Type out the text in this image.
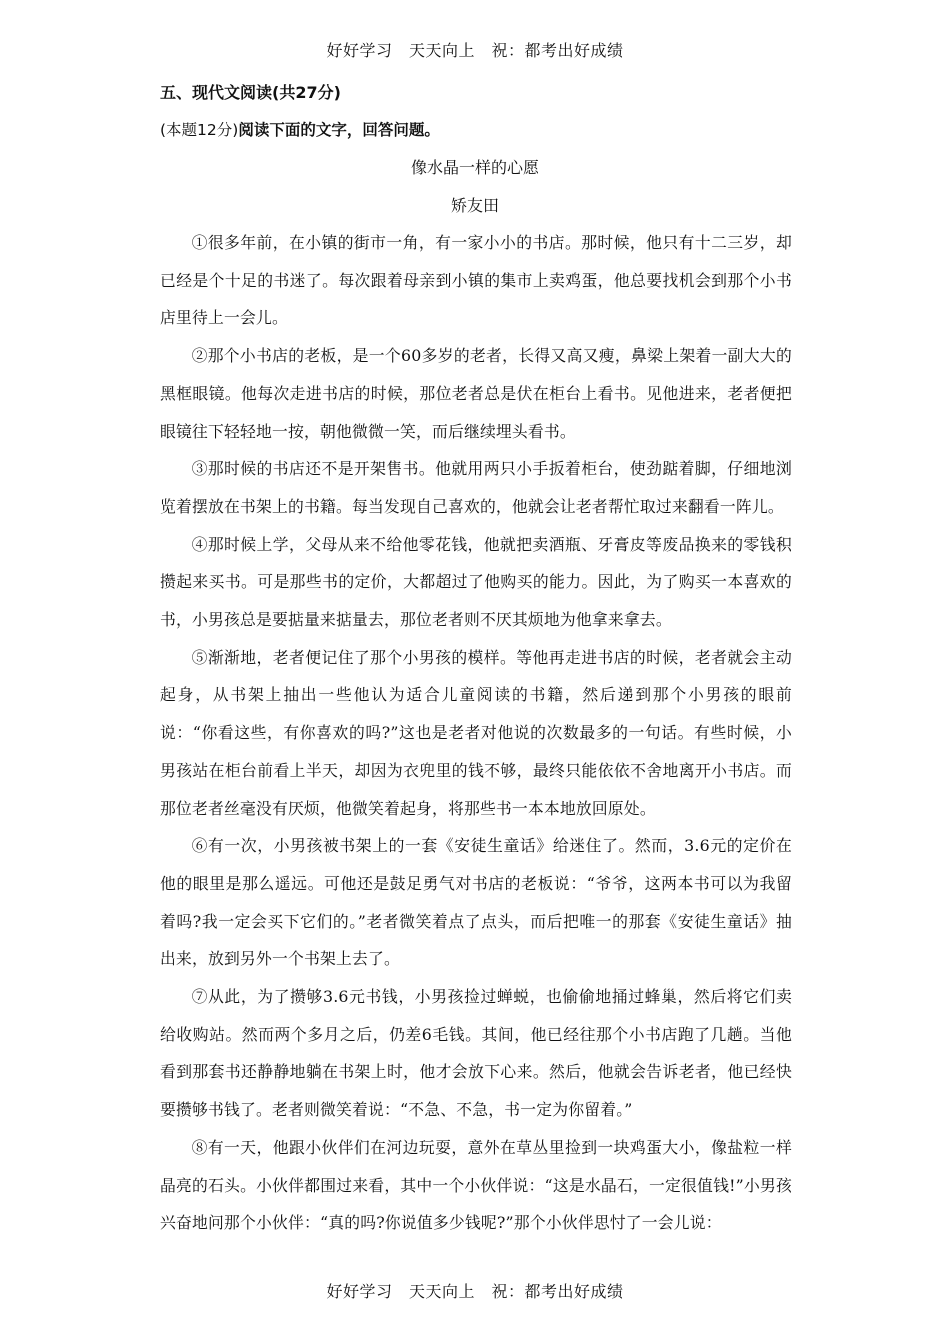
好好学习　天天向上　祝：都考出好成绩
五、现代文阅读(共27分)
(本题12分)阅读下面的文字，回答问题。
像水晶一样的心愿
矫友田

①很多年前，在小镇的街市一角，有一家小小的书店。那时候，他只有十二三岁，却已经是个十足的书迷了。每次跟着母亲到小镇的集市上卖鸡蛋，他总要找机会到那个小书店里待上一会儿。

②那个小书店的老板，是一个60多岁的老者，长得又高又瘦，鼻梁上架着一副大大的黑框眼镜。他每次走进书店的时候，那位老者总是伏在柜台上看书。见他进来，老者便把眼镜往下轻轻地一按，朝他微微一笑，而后继续埋头看书。

③那时候的书店还不是开架售书。他就用两只小手扳着柜台，使劲踮着脚，仔细地浏览着摆放在书架上的书籍。每当发现自己喜欢的，他就会让老者帮忙取过来翻看一阵儿。

④那时候上学，父母从来不给他零花钱，他就把卖酒瓶、牙膏皮等废品换来的零钱积攒起来买书。可是那些书的定价，大都超过了他购买的能力。因此，为了购买一本喜欢的书，小男孩总是要掂量来掂量去，那位老者则不厌其烦地为他拿来拿去。

⑤渐渐地，老者便记住了那个小男孩的模样。等他再走进书店的时候，老者就会主动起身，从书架上抽出一些他认为适合儿童阅读的书籍，然后递到那个小男孩的眼前说：“你看这些，有你喜欢的吗?”这也是老者对他说的次数最多的一句话。有些时候，小男孩站在柜台前看上半天，却因为衣兜里的钱不够，最终只能依依不舍地离开小书店。而那位老者丝毫没有厌烦，他微笑着起身，将那些书一本本地放回原处。

⑥有一次，小男孩被书架上的一套《安徒生童话》给迷住了。然而，3.6元的定价在他的眼里是那么遥远。可他还是鼓足勇气对书店的老板说：“爷爷，这两本书可以为我留着吗?我一定会买下它们的。”老者微笑着点了点头，而后把唯一的那套《安徒生童话》抽出来，放到另外一个书架上去了。

⑦从此，为了攒够3.6元书钱，小男孩捡过蝉蜕，也偷偷地捅过蜂巢，然后将它们卖给收购站。然而两个多月之后，仍差6毛钱。其间，他已经往那个小书店跑了几趟。当他看到那套书还静静地躺在书架上时，他才会放下心来。然后，他就会告诉老者，他已经快要攒够书钱了。老者则微笑着说：“不急、不急，书一定为你留着。”

⑧有一天，他跟小伙伴们在河边玩耍，意外在草丛里捡到一块鸡蛋大小，像盐粒一样晶亮的石头。小伙伴都围过来看，其中一个小伙伴说：“这是水晶石，一定很值钱!”小男孩兴奋地问那个小伙伴：“真的吗?你说值多少钱呢?”那个小伙伴思忖了一会儿说：

好好学习　天天向上　祝：都考出好成绩
